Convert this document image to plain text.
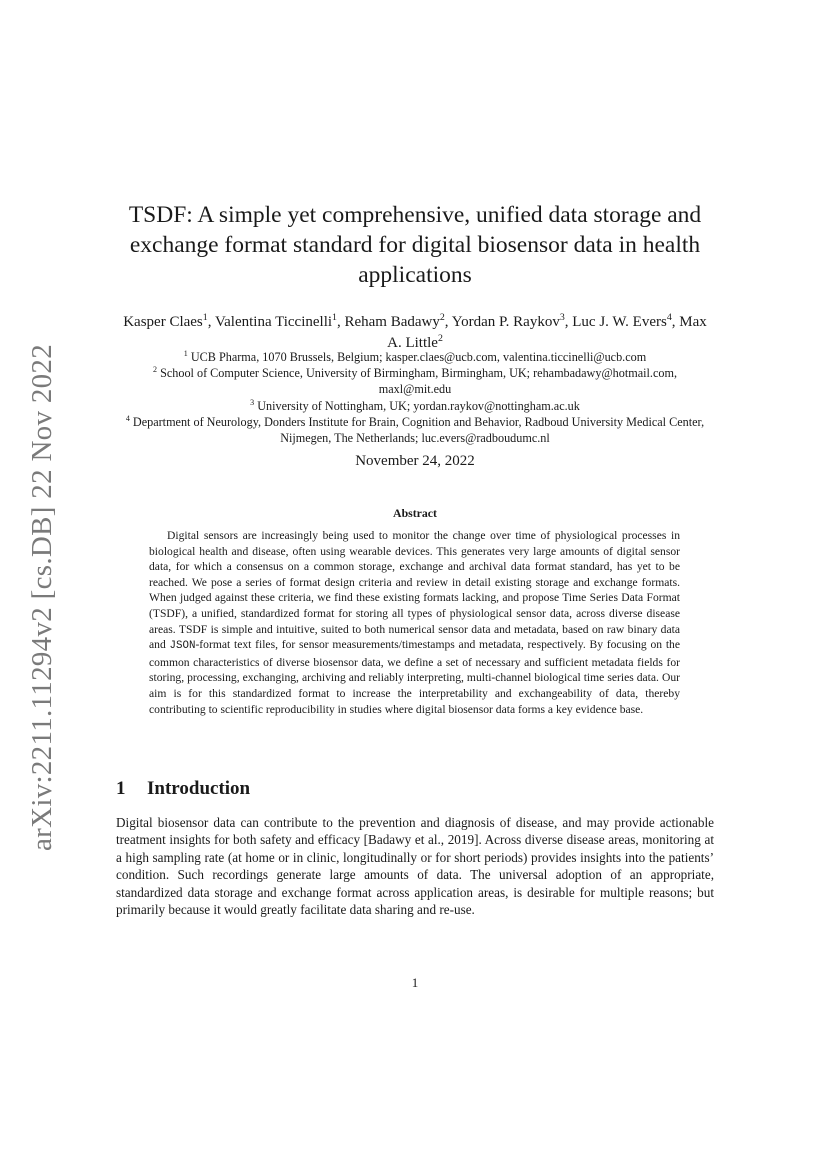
arXiv:2211.11294v2 [cs.DB] 22 Nov 2022
TSDF: A simple yet comprehensive, unified data storage and exchange format standard for digital biosensor data in health applications
Kasper Claes$^1$, Valentina Ticcinelli$^1$, Reham Badawy$^2$, Yordan P. Raykov$^3$, Luc J. W. Evers$^4$, Max A. Little$^2$
$^1$ UCB Pharma, 1070 Brussels, Belgium; kasper.claes@ucb.com, valentina.ticcinelli@ucb.com
$^2$ School of Computer Science, University of Birmingham, Birmingham, UK; rehambadawy@hotmail.com, maxl@mit.edu
$^3$ University of Nottingham, UK; yordan.raykov@nottingham.ac.uk
$^4$ Department of Neurology, Donders Institute for Brain, Cognition and Behavior, Radboud University Medical Center, Nijmegen, The Netherlands; luc.evers@radboudumc.nl
November 24, 2022
Abstract

Digital sensors are increasingly being used to monitor the change over time of physiological processes in biological health and disease, often using wearable devices. This generates very large amounts of digital sensor data, for which a consensus on a common storage, exchange and archival data format standard, has yet to be reached. We pose a series of format design criteria and review in detail existing storage and exchange formats. When judged against these criteria, we find these existing formats lacking, and propose Time Series Data Format (TSDF), a unified, standardized format for storing all types of physiological sensor data, across diverse disease areas. TSDF is simple and intuitive, suited to both numerical sensor data and metadata, based on raw binary data and JSON-format text files, for sensor measurements/timestamps and metadata, respectively. By focusing on the common characteristics of diverse biosensor data, we define a set of necessary and sufficient metadata fields for storing, processing, exchanging, archiving and reliably interpreting, multi-channel biological time series data. Our aim is for this standardized format to increase the interpretability and exchangeability of data, thereby contributing to scientific reproducibility in studies where digital biosensor data forms a key evidence base.

1 Introduction

Digital biosensor data can contribute to the prevention and diagnosis of disease, and may provide actionable treatment insights for both safety and efficacy [Badawy et al., 2019]. Across diverse disease areas, monitoring at a high sampling rate (at home or in clinic, longitudinally or for short periods) provides insights into the patients’ condition. Such recordings generate large amounts of data. The universal adoption of an appropriate, standardized data storage and exchange format across application areas, is desirable for multiple reasons; but primarily because it would greatly facilitate data sharing and re-use.

1
